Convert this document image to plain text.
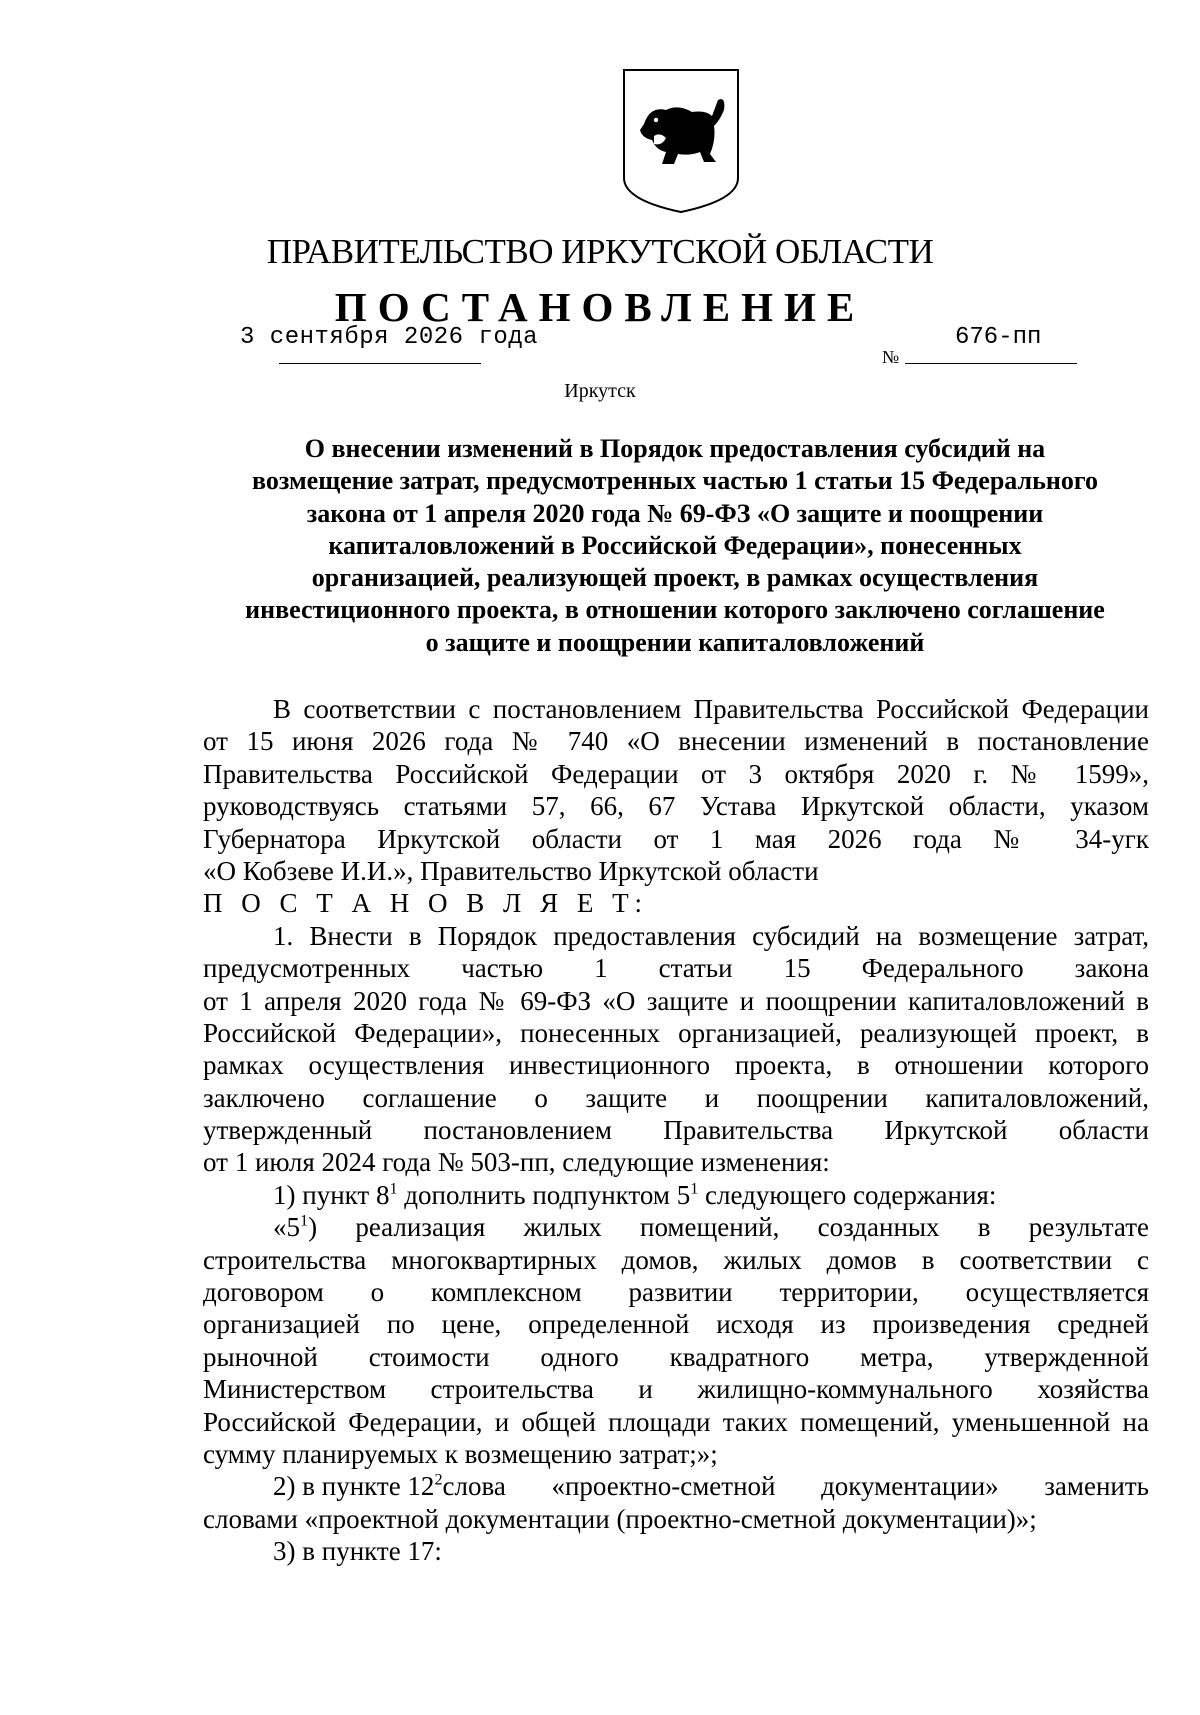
ПРАВИТЕЛЬСТВО ИРКУТСКОЙ ОБЛАСТИ
ПОСТАНОВЛЕНИЕ
3 сентября 2026 года
№
676-пп
Иркутск
О внесении изменений в Порядок предоставления субсидий на
возмещение затрат, предусмотренных частью 1 статьи 15 Федерального
закона от 1 апреля 2020 года № 69-ФЗ «О защите и поощрении
капиталовложений в Российской Федерации», понесенных
организацией, реализующей проект, в рамках осуществления
инвестиционного проекта, в отношении которого заключено соглашение
о защите и поощрении капиталовложений
В соответствии с постановлением Правительства Российской Федерации
от 15 июня 2026 года № 740 «О внесении изменений в постановление
Правительства Российской Федерации от 3 октября 2020 г. № 1599»,
руководствуясь статьями 57, 66, 67 Устава Иркутской области, указом
Губернатора Иркутской области от 1 мая 2026 года № 34-угк
«О Кобзеве И.И.», Правительство Иркутской области
П О С Т А Н О В Л Я Е Т:
1. Внести в Порядок предоставления субсидий на возмещение затрат,
предусмотренных частью 1 статьи 15 Федерального закона
от 1 апреля 2020 года № 69-ФЗ «О защите и поощрении капиталовложений в
Российской Федерации», понесенных организацией, реализующей проект, в
рамках осуществления инвестиционного проекта, в отношении которого
заключено соглашение о защите и поощрении капиталовложений,
утвержденный постановлением Правительства Иркутской области
от 1 июля 2024 года № 503-пп, следующие изменения:
1) пункт $8^1$ дополнить подпунктом $5^1$ следующего содержания:
«$5^1$ ) реализация жилых помещений, созданных в результате
строительства многоквартирных домов, жилых домов в соответствии с
договором о комплексном развитии территории, осуществляется
организацией по цене, определенной исходя из произведения средней
рыночной стоимости одного квадратного метра, утвержденной
Министерством строительства и жилищно-коммунального хозяйства
Российской Федерации, и общей площади таких помещений, уменьшенной на
сумму планируемых к возмещению затрат;»;
2) в пункте $12^2$ слова «проектно-сметной документации» заменить
словами «проектной документации (проектно-сметной документации)»;
3) в пункте 17:
